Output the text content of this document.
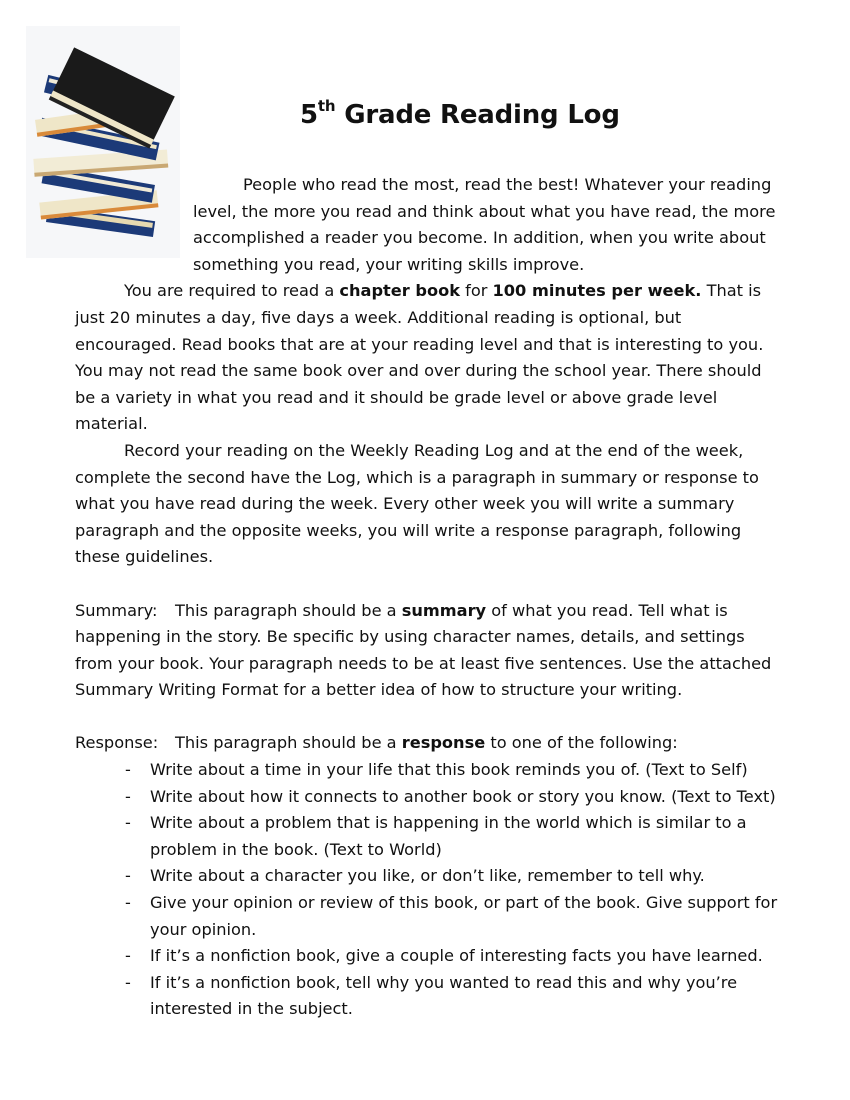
5th Grade Reading Log

People who read the most, read the best! Whatever your reading level, the more you read and think about what you have read, the more accomplished a reader you become. In addition, when you write about something you read, your writing skills improve.

You are required to read a chapter book for 100 minutes per week. That is just 20 minutes a day, five days a week. Additional reading is optional, but encouraged. Read books that are at your reading level and that is interesting to you. You may not read the same book over and over during the school year. There should be a variety in what you read and it should be grade level or above grade level material.

Record your reading on the Weekly Reading Log and at the end of the week, complete the second have the Log, which is a paragraph in summary or response to what you have read during the week. Every other week you will write a summary paragraph and the opposite weeks, you will write a response paragraph, following these guidelines.

Summary: This paragraph should be a summary of what you read. Tell what is happening in the story. Be specific by using character names, details, and settings from your book. Your paragraph needs to be at least five sentences. Use the attached Summary Writing Format for a better idea of how to structure your writing.

Response: This paragraph should be a response to one of the following:

- Write about a time in your life that this book reminds you of. (Text to Self)
- Write about how it connects to another book or story you know. (Text to Text)
- Write about a problem that is happening in the world which is similar to a problem in the book. (Text to World)
- Write about a character you like, or don’t like, remember to tell why.
- Give your opinion or review of this book, or part of the book. Give support for your opinion.
- If it’s a nonfiction book, give a couple of interesting facts you have learned.
- If it’s a nonfiction book, tell why you wanted to read this and why you’re interested in the subject.
